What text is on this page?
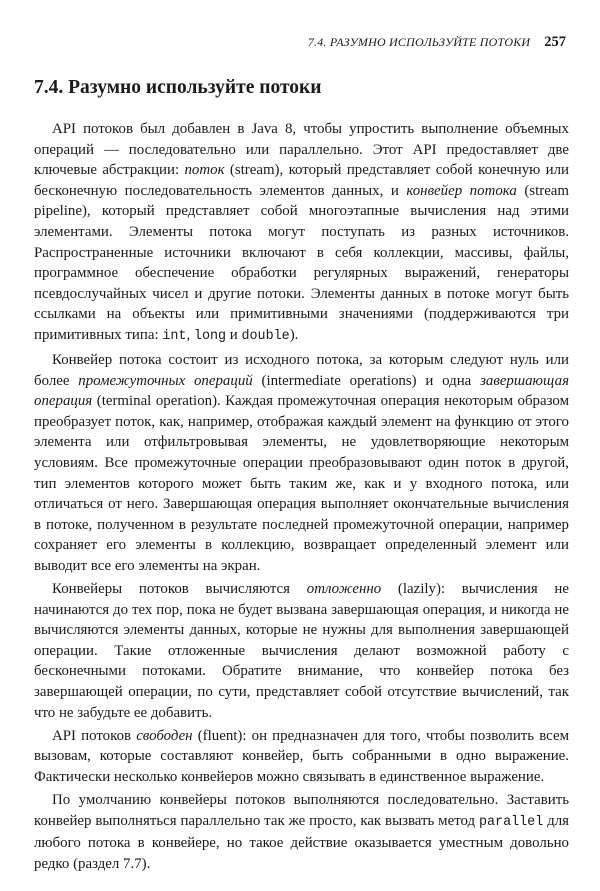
7.4. РАЗУМНО ИСПОЛЬЗУЙТЕ ПОТОКИ 257
7.4. Разумно используйте потоки

API потоков был добавлен в Java 8, чтобы упростить выполнение объемных операций — последовательно или параллельно. Этот API предоставляет две ключевые абстракции: поток (stream), который представляет собой конечную или бесконечную последовательность элементов данных, и конвейер потока (stream pipeline), который представляет собой многоэтапные вычисления над этими элементами. Элементы потока могут поступать из разных источников. Распространенные источники включают в себя коллекции, массивы, файлы, программное обеспечение обработки регулярных выражений, генераторы псевдослучайных чисел и другие потоки. Элементы данных в потоке могут быть ссылками на объекты или примитивными значениями (поддерживаются три примитивных типа: int, long и double).

Конвейер потока состоит из исходного потока, за которым следуют нуль или более промежуточных операций (intermediate operations) и одна завершающая операция (terminal operation). Каждая промежуточная операция некоторым образом преобразует поток, как, например, отображая каждый элемент на функцию от этого элемента или отфильтровывая элементы, не удовлетворяющие некоторым условиям. Все промежуточные операции преобразовывают один поток в другой, тип элементов которого может быть таким же, как и у входного потока, или отличаться от него. Завершающая операция выполняет окончательные вычисления в потоке, полученном в результате последней промежуточной операции, например сохраняет его элементы в коллекцию, возвращает определенный элемент или выводит все его элементы на экран.

Конвейеры потоков вычисляются отложенно (lazily): вычисления не начинаются до тех пор, пока не будет вызвана завершающая операция, и никогда не вычисляются элементы данных, которые не нужны для выполнения завершающей операции. Такие отложенные вычисления делают возможной работу с бесконечными потоками. Обратите внимание, что конвейер потока без завершающей операции, по сути, представляет собой отсутствие вычислений, так что не забудьте ее добавить.

API потоков свободен (fluent): он предназначен для того, чтобы позволить всем вызовам, которые составляют конвейер, быть собранными в одно выражение. Фактически несколько конвейеров можно связывать в единственное выражение.

По умолчанию конвейеры потоков выполняются последовательно. Заставить конвейер выполняться параллельно так же просто, как вызвать метод parallel для любого потока в конвейере, но такое действие оказывается уместным довольно редко (раздел 7.7).
